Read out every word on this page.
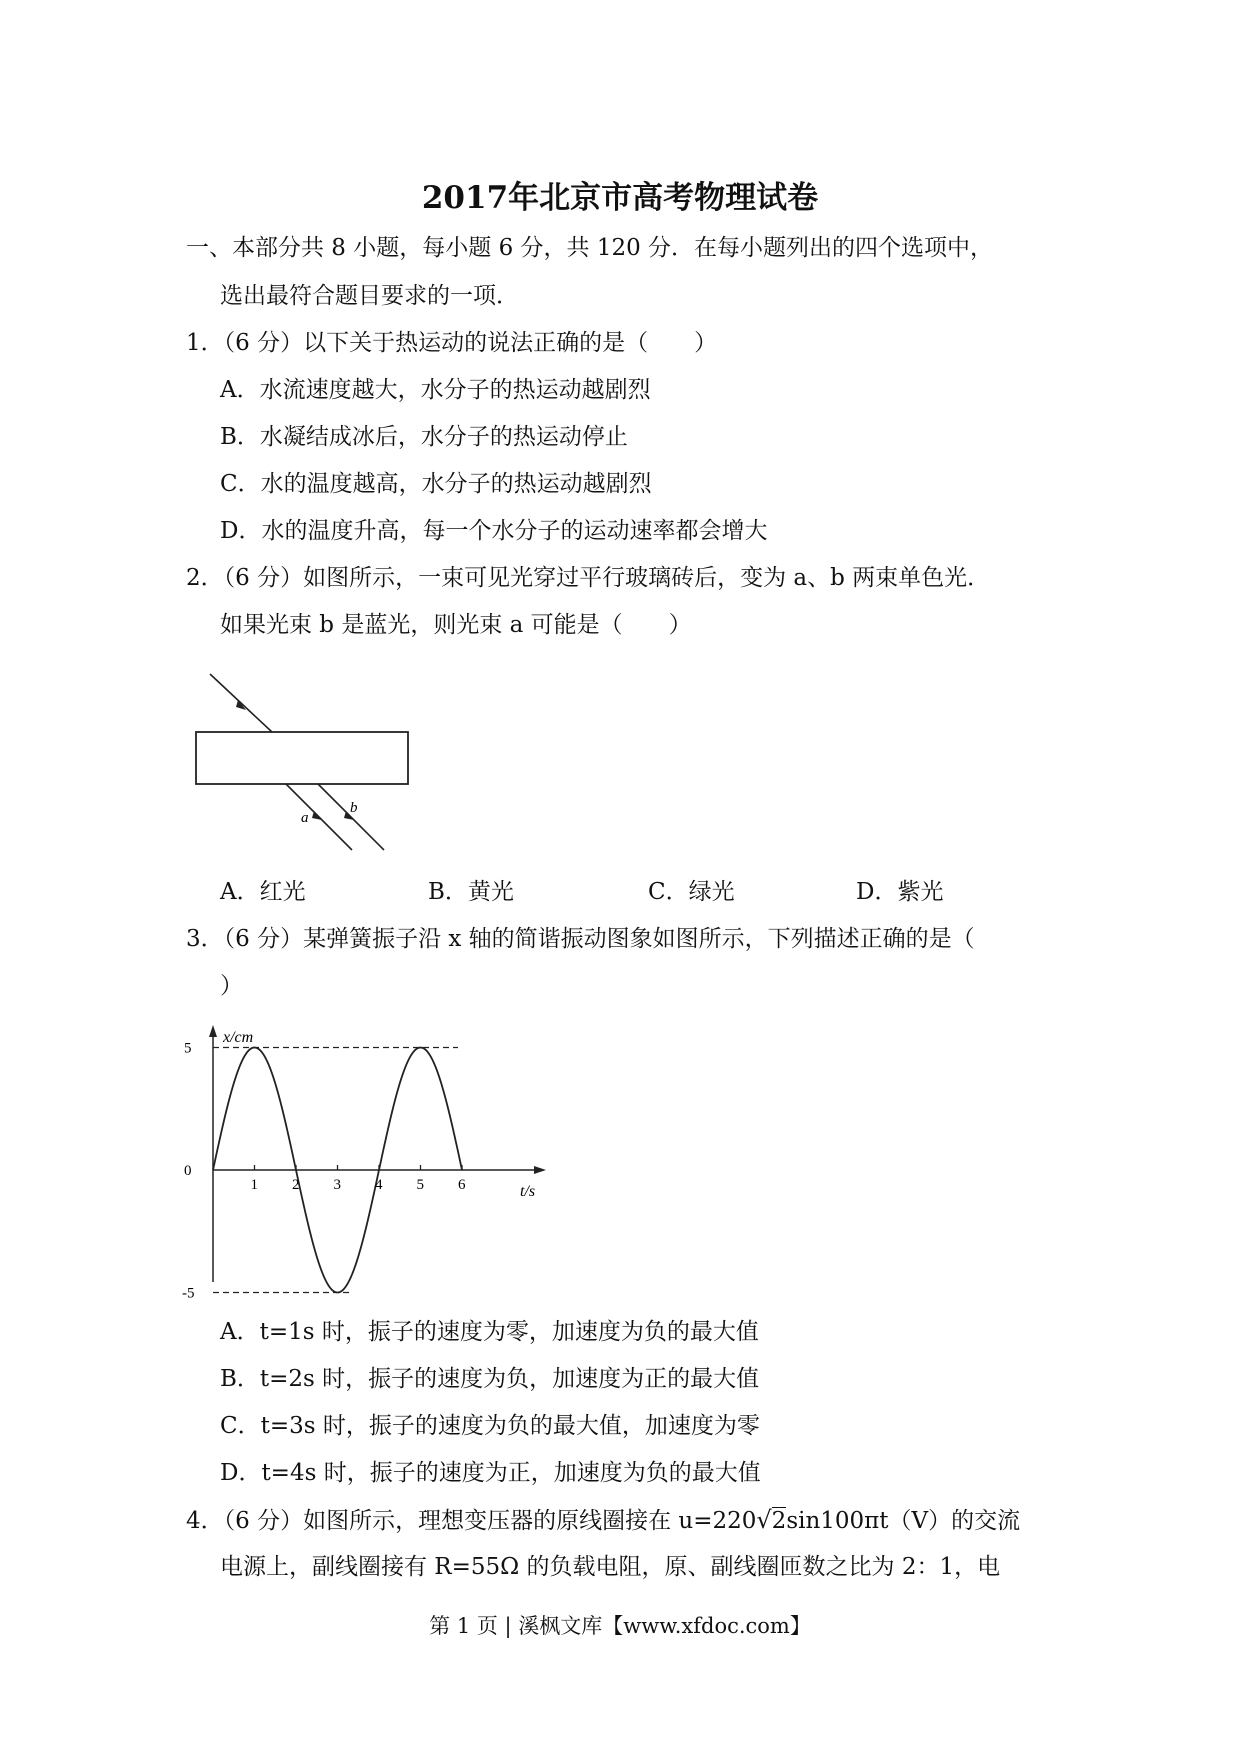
2017年北京市高考物理试卷
一、本部分共 8 小题，每小题 6 分，共 120 分．在每小题列出的四个选项中，
选出最符合题目要求的一项．
1．（6 分）以下关于热运动的说法正确的是（　　）
A．水流速度越大，水分子的热运动越剧烈
B．水凝结成冰后，水分子的热运动停止
C．水的温度越高，水分子的热运动越剧烈
D．水的温度升高，每一个水分子的运动速率都会增大
2．（6 分）如图所示，一束可见光穿过平行玻璃砖后，变为 a、b 两束单色光．
如果光束 b 是蓝光，则光束 a 可能是（　　）
a
b
A．红光	B．黄光	C．绿光	D．紫光
3．（6 分）某弹簧振子沿 x 轴的简谐振动图象如图所示，下列描述正确的是（
）
x/cm
t/s
1 2 3 4 5 6
5
0
-5
A．t=1s 时，振子的速度为零，加速度为负的最大值
B．t=2s 时，振子的速度为负，加速度为正的最大值
C．t=3s 时，振子的速度为负的最大值，加速度为零
D．t=4s 时，振子的速度为正，加速度为负的最大值
4．（6 分）如图所示，理想变压器的原线圈接在 u=220√2sin100πt（V）的交流
电源上，副线圈接有 R=55Ω 的负载电阻，原、副线圈匝数之比为 2：1，电
第 1 页 | 溪枫文库【www.xfdoc.com】
